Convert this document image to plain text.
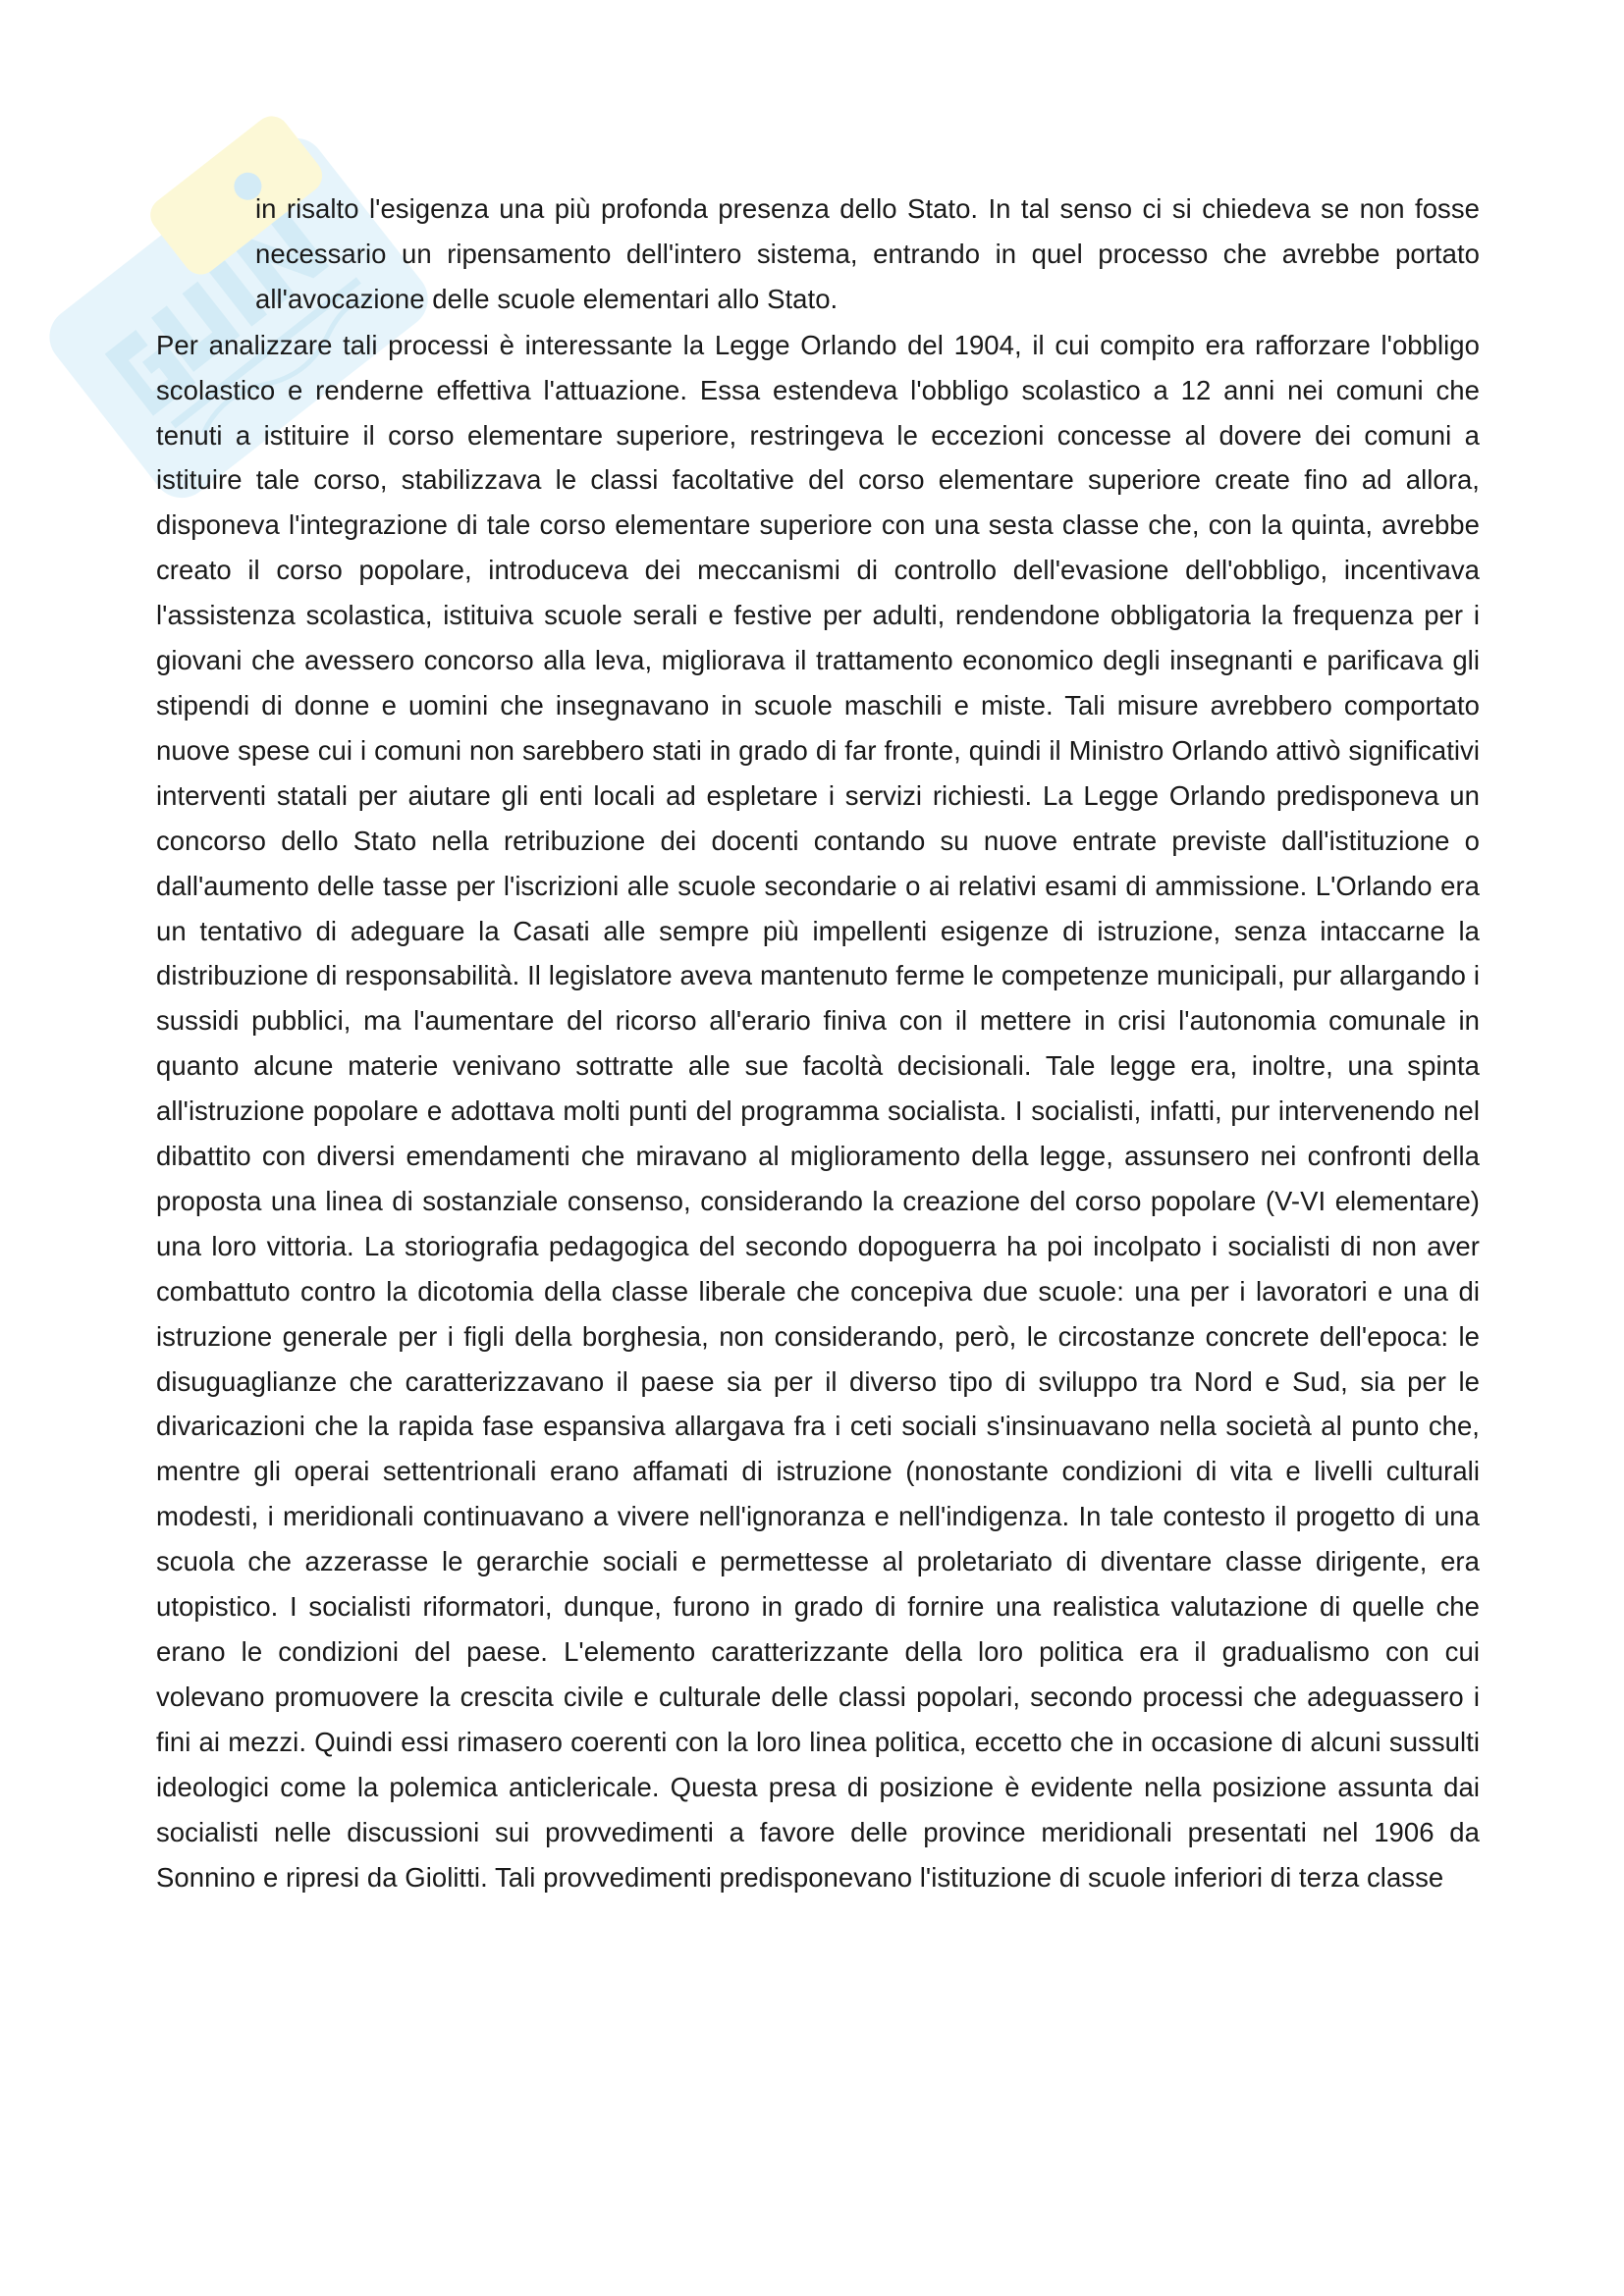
in risalto l'esigenza una più profonda presenza dello Stato. In tal senso ci si chiedeva se non fosse necessario un ripensamento dell'intero sistema, entrando in quel processo che avrebbe portato all'avocazione delle scuole elementari allo Stato.

Per analizzare tali processi è interessante la Legge Orlando del 1904, il cui compito era rafforzare l'obbligo scolastico e renderne effettiva l'attuazione. Essa estendeva l'obbligo scolastico a 12 anni nei comuni che tenuti a istituire il corso elementare superiore, restringeva le eccezioni concesse al dovere dei comuni a istituire tale corso, stabilizzava le classi facoltative del corso elementare superiore create fino ad allora, disponeva l'integrazione di tale corso elementare superiore con una sesta classe che, con la quinta, avrebbe creato il corso popolare, introduceva dei meccanismi di controllo dell'evasione dell'obbligo, incentivava l'assistenza scolastica, istituiva scuole serali e festive per adulti, rendendone obbligatoria la frequenza per i giovani che avessero concorso alla leva, migliorava il trattamento economico degli insegnanti e parificava gli stipendi di donne e uomini che insegnavano in scuole maschili e miste. Tali misure avrebbero comportato nuove spese cui i comuni non sarebbero stati in grado di far fronte, quindi il Ministro Orlando attivò significativi interventi statali per aiutare gli enti locali ad espletare i servizi richiesti. La Legge Orlando predisponeva un concorso dello Stato nella retribuzione dei docenti contando su nuove entrate previste dall'istituzione o dall'aumento delle tasse per l'iscrizioni alle scuole secondarie o ai relativi esami di ammissione. L'Orlando era un tentativo di adeguare la Casati alle sempre più impellenti esigenze di istruzione, senza intaccarne la distribuzione di responsabilità. Il legislatore aveva mantenuto ferme le competenze municipali, pur allargando i sussidi pubblici, ma l'aumentare del ricorso all'erario finiva con il mettere in crisi l'autonomia comunale in quanto alcune materie venivano sottratte alle sue facoltà decisionali. Tale legge era, inoltre, una spinta all'istruzione popolare e adottava molti punti del programma socialista. I socialisti, infatti, pur intervenendo nel dibattito con diversi emendamenti che miravano al miglioramento della legge, assunsero nei confronti della proposta una linea di sostanziale consenso, considerando la creazione del corso popolare (V-VI elementare) una loro vittoria. La storiografia pedagogica del secondo dopoguerra ha poi incolpato i socialisti di non aver combattuto contro la dicotomia della classe liberale che concepiva due scuole: una per i lavoratori e una di istruzione generale per i figli della borghesia, non considerando, però, le circostanze concrete dell'epoca: le disuguaglianze che caratterizzavano il paese sia per il diverso tipo di sviluppo tra Nord e Sud, sia per le divaricazioni che la rapida fase espansiva allargava fra i ceti sociali s'insinuavano nella società al punto che, mentre gli operai settentrionali erano affamati di istruzione (nonostante condizioni di vita e livelli culturali modesti, i meridionali continuavano a vivere nell'ignoranza e nell'indigenza. In tale contesto il progetto di una scuola che azzerasse le gerarchie sociali e permettesse al proletariato di diventare classe dirigente, era utopistico. I socialisti riformatori, dunque, furono in grado di fornire una realistica valutazione di quelle che erano le condizioni del paese. L'elemento caratterizzante della loro politica era il gradualismo con cui volevano promuovere la crescita civile e culturale delle classi popolari, secondo processi che adeguassero i fini ai mezzi. Quindi essi rimasero coerenti con la loro linea politica, eccetto che in occasione di alcuni sussulti ideologici come la polemica anticlericale. Questa presa di posizione è evidente nella posizione assunta dai socialisti nelle discussioni sui provvedimenti a favore delle province meridionali presentati nel 1906 da Sonnino e ripresi da Giolitti. Tali provvedimenti predisponevano l'istituzione di scuole inferiori di terza classe
